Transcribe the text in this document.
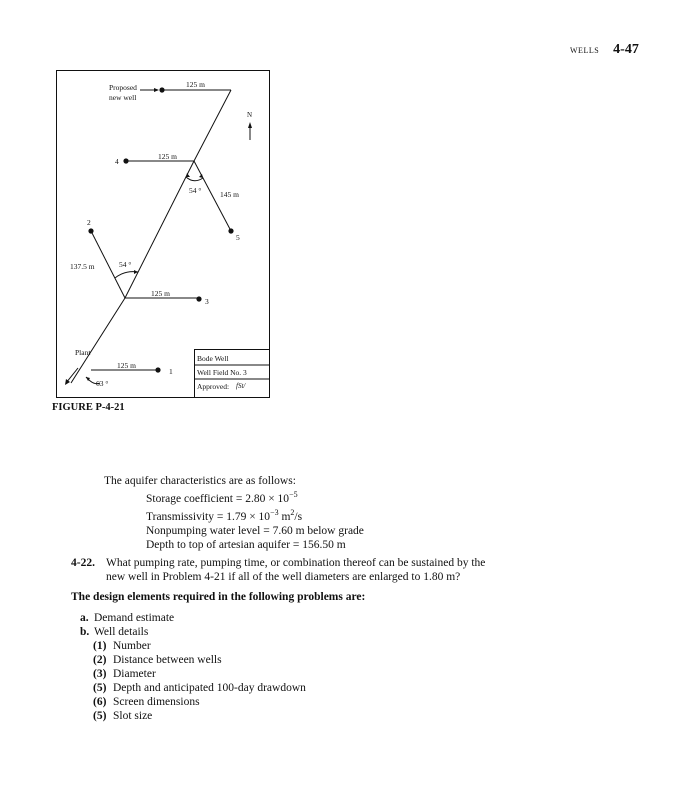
WELLS 4-47
Proposed
new well
125 m
N
4
125 m
54 ° 145 m
5
2
137.5 m	54 °
125 m
3
Plant
125 m
1
63 °
Bode Well
Well Field No. 3
Approved: fSt/
FIGURE P-4-21
The aquifer characteristics are as follows:
Storage coefficient = $2.80 \times 10^{-5}$
Transmissivity = $1.79 \times 10^{-3}$ $m^2/s$
Nonpumping water level = 7.60 m below grade
Depth to top of artesian aquifer = 156.50 m
4-22. What pumping rate, pumping time, or combination thereof can be sustained by the
new well in Problem 4-21 if all of the well diameters are enlarged to 1.80 m?
The design elements required in the following problems are:
a. Demand estimate
b. Well details
(1) Number
(2) Distance between wells
(3) Diameter
(5) Depth and anticipated 100-day drawdown
(6) Screen dimensions
(5) Slot size
